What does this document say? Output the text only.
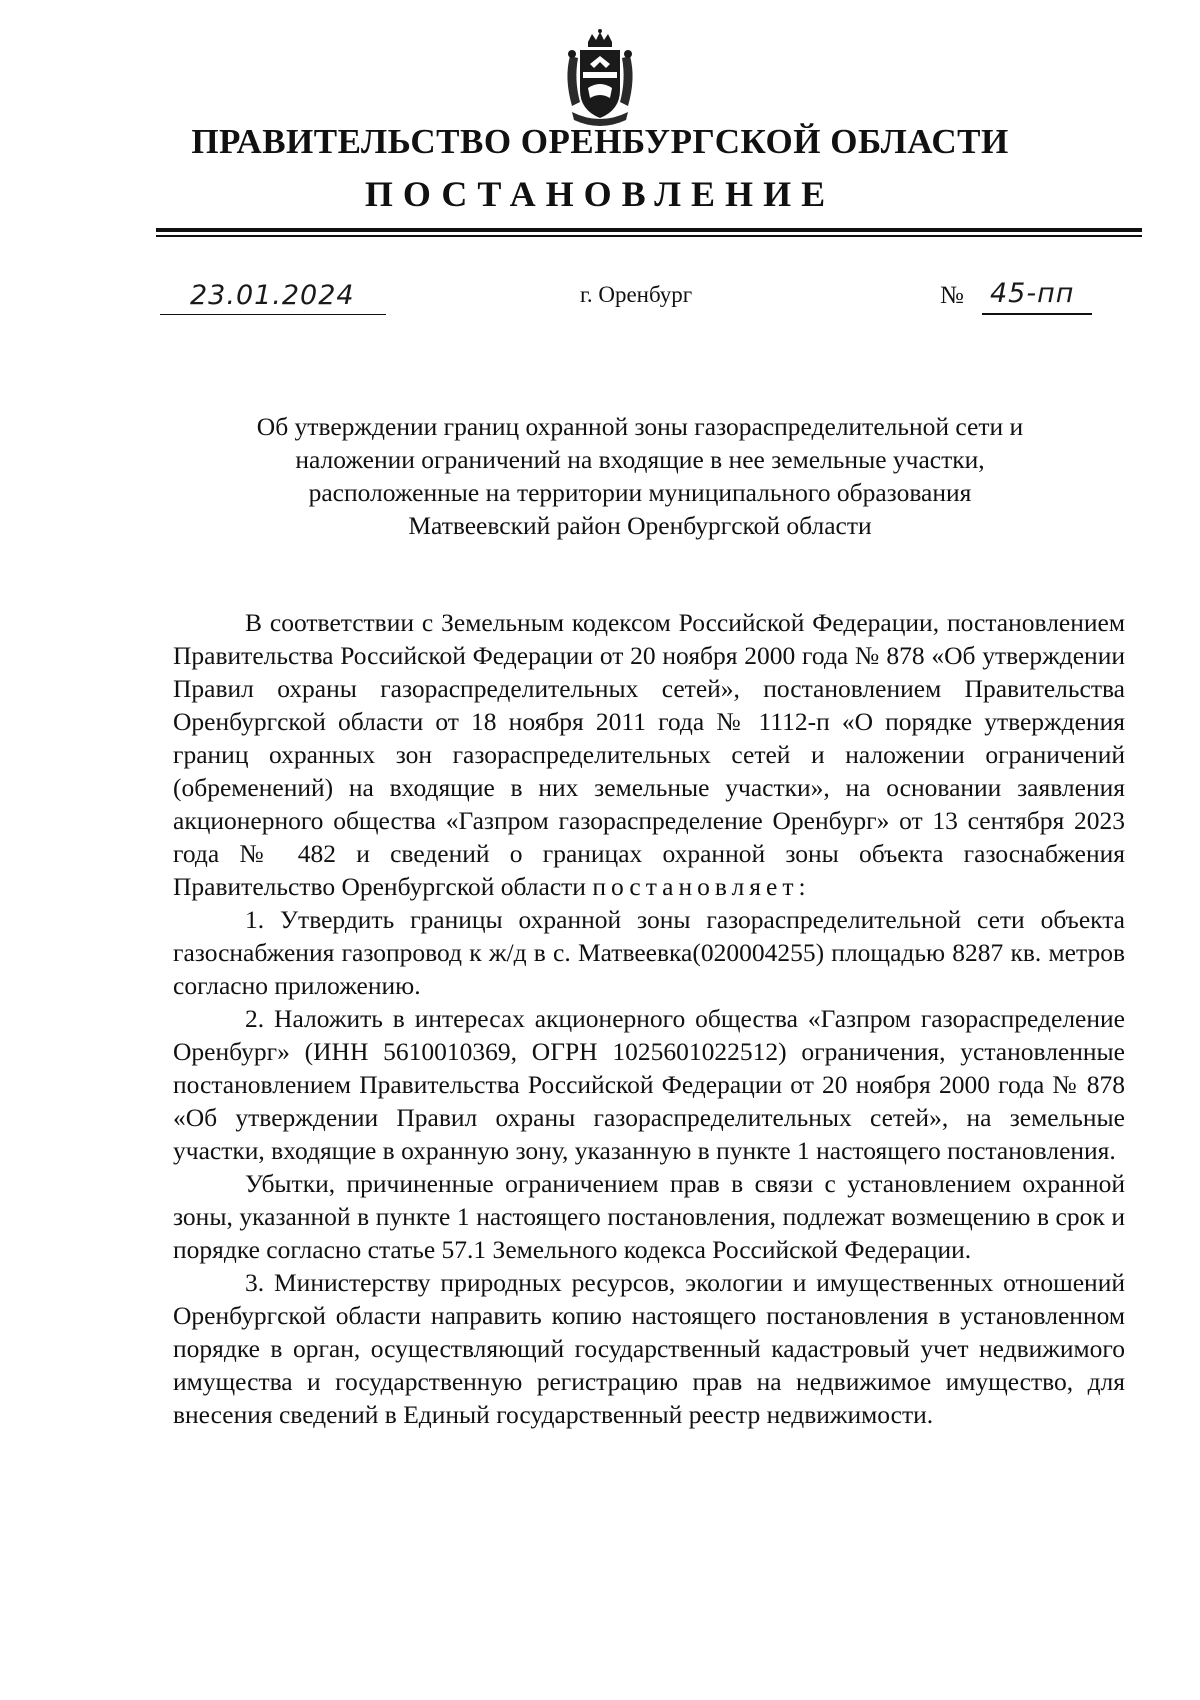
ПРАВИТЕЛЬСТВО ОРЕНБУРГСКОЙ ОБЛАСТИ
ПОСТАНОВЛЕНИЕ
23.01.2024	г. Оренбург	№ 45-пп
Об утверждении границ охранной зоны газораспределительной сети и
наложении ограничений на входящие в нее земельные участки,
расположенные на территории муниципального образования
Матвеевский район Оренбургской области

В соответствии с Земельным кодексом Российской Федерации, постановлением Правительства Российской Федерации от 20 ноября 2000 года № 878 «Об утверждении Правил охраны газораспределительных сетей», постановлением Правительства Оренбургской области от 18 ноября 2011 года № 1112-п «О порядке утверждения границ охранных зон газораспределительных сетей и наложении ограничений (обременений) на входящие в них земельные участки», на основании заявления акционерного общества «Газпром газораспределение Оренбург» от 13 сентября 2023 года № 482 и сведений о границах охранной зоны объекта газоснабжения Правительство Оренбургской области постановляет:

1. Утвердить границы охранной зоны газораспределительной сети объекта газоснабжения газопровод к ж/д в с. Матвеевка(020004255) площадью 8287 кв. метров согласно приложению.

2. Наложить в интересах акционерного общества «Газпром газораспределение Оренбург» (ИНН 5610010369, ОГРН 1025601022512) ограничения, установленные постановлением Правительства Российской Федерации от 20 ноября 2000 года № 878 «Об утверждении Правил охраны газораспределительных сетей», на земельные участки, входящие в охранную зону, указанную в пункте 1 настоящего постановления.

Убытки, причиненные ограничением прав в связи с установлением охранной зоны, указанной в пункте 1 настоящего постановления, подлежат возмещению в срок и порядке согласно статье 57.1 Земельного кодекса Российской Федерации.

3. Министерству природных ресурсов, экологии и имущественных отношений Оренбургской области направить копию настоящего постановления в установленном порядке в орган, осуществляющий государственный кадастровый учет недвижимого имущества и государственную регистрацию прав на недвижимое имущество, для внесения сведений в Единый государственный реестр недвижимости.
